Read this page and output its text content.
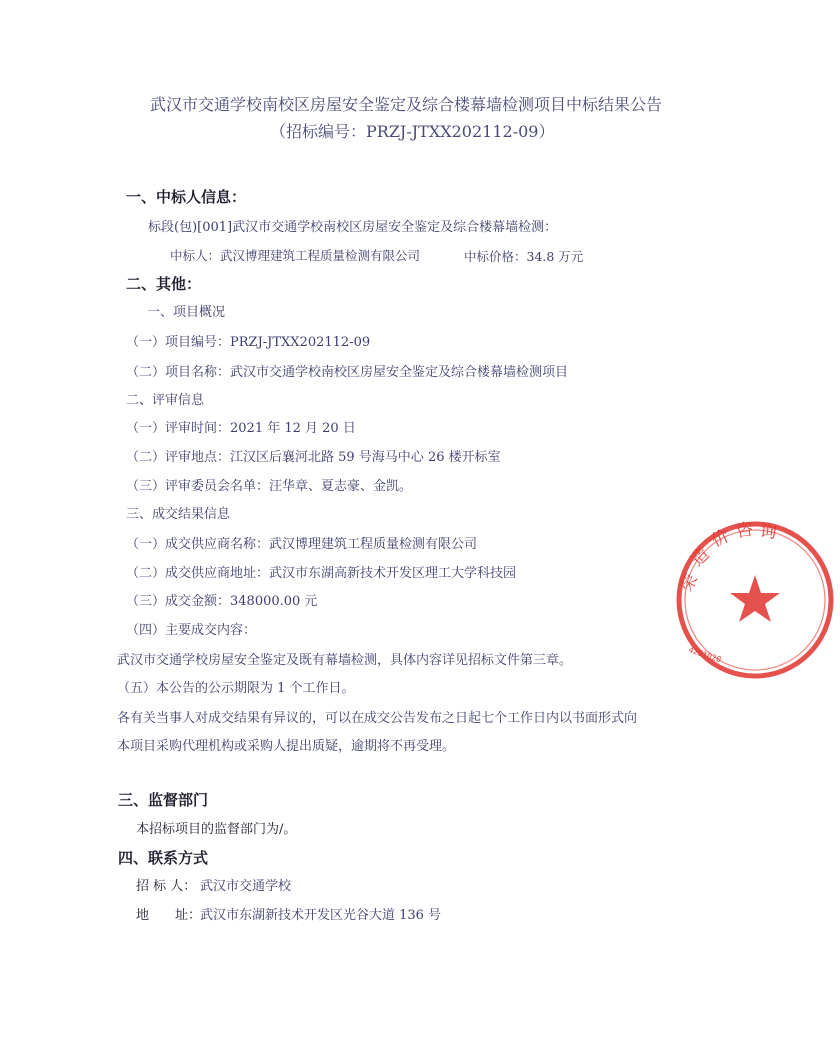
武汉市交通学校南校区房屋安全鉴定及综合楼幕墙检测项目中标结果公告
（招标编号：PRZJ-JTXX202112-09）
一、中标人信息：
标段(包)[001]武汉市交通学校南校区房屋安全鉴定及综合楼幕墙检测：
中标人：武汉博理建筑工程质量检测有限公司	中标价格：34.8 万元
二、其他：
一、项目概况
（一）项目编号：PRZJ-JTXX202112-09
（二）项目名称：武汉市交通学校南校区房屋安全鉴定及综合楼幕墙检测项目
二、评审信息
（一）评审时间：2021 年 12 月 20 日
（二）评审地点：江汉区后襄河北路 59 号海马中心 26 楼开标室
（三）评审委员会名单：汪华章、夏志豪、金凯。
三、成交结果信息
（一）成交供应商名称：武汉博理建筑工程质量检测有限公司
（二）成交供应商地址：武汉市东湖高新技术开发区理工大学科技园
（三）成交金额：348000.00 元
（四）主要成交内容：
武汉市交通学校房屋安全鉴定及既有幕墙检测，具体内容详见招标文件第三章。
（五）本公告的公示期限为 1 个工作日。
各有关当事人对成交结果有异议的，可以在成交公告发布之日起七个工作日内以书面形式向
本项目采购代理机构或采购人提出质疑，逾期将不再受理。
三、监督部门
本招标项目的监督部门为/。
四、联系方式
招 标 人： 武汉市交通学校
地　　址：
武汉市东湖新技术开发区光谷大道 136 号
荣
造
价 咨 询
4201020
